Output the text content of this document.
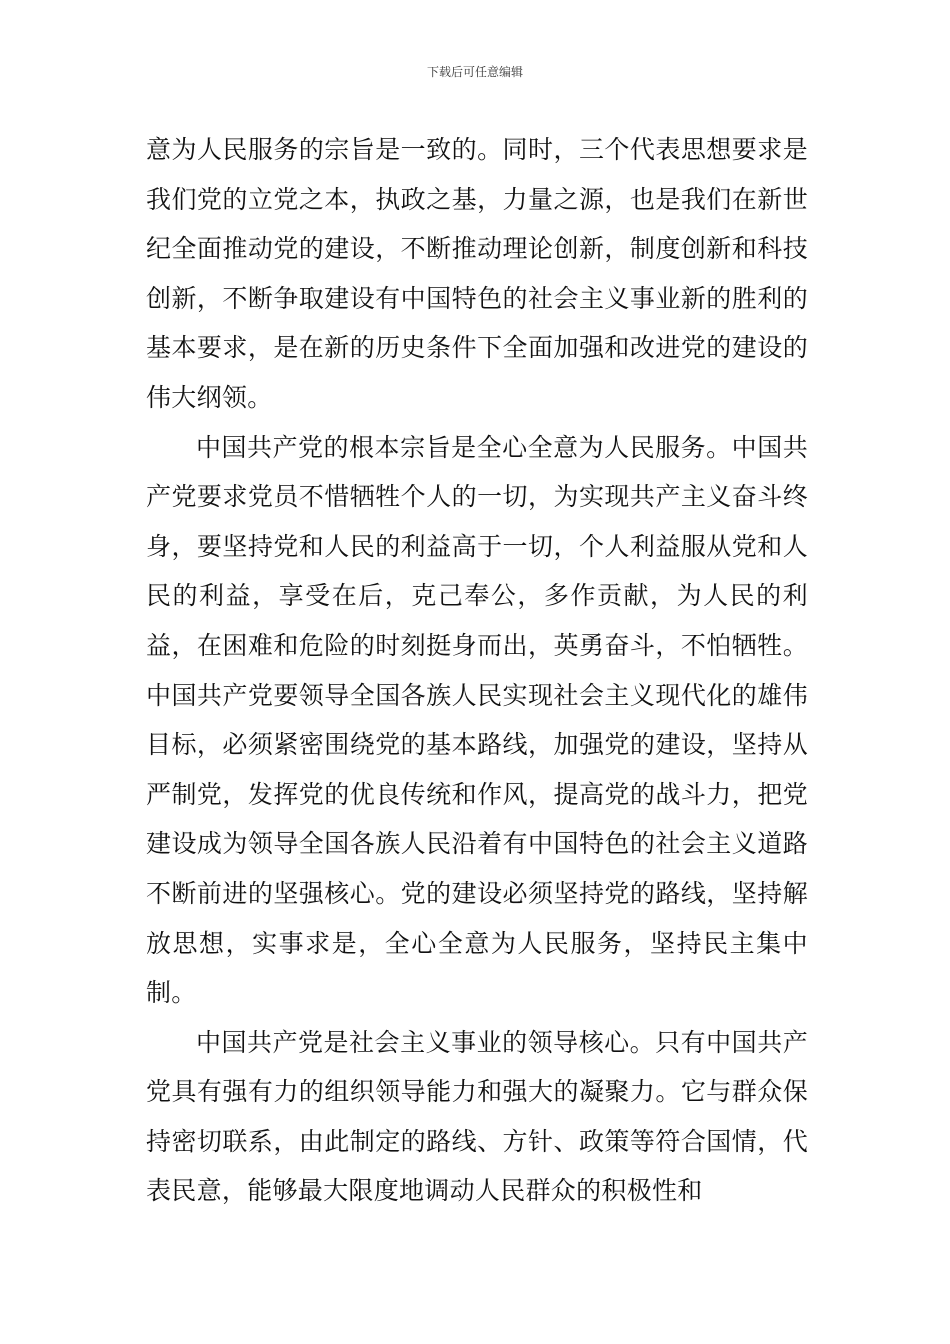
下载后可任意编辑

意为人民服务的宗旨是一致的。同时，三个代表思想要求是我们党的立党之本，执政之基，力量之源，也是我们在新世纪全面推动党的建设，不断推动理论创新，制度创新和科技创新，不断争取建设有中国特色的社会主义事业新的胜利的基本要求，是在新的历史条件下全面加强和改进党的建设的伟大纲领。

中国共产党的根本宗旨是全心全意为人民服务。中国共产党要求党员不惜牺牲个人的一切，为实现共产主义奋斗终身，要坚持党和人民的利益高于一切，个人利益服从党和人民的利益，享受在后，克己奉公，多作贡献，为人民的利益，在困难和危险的时刻挺身而出，英勇奋斗，不怕牺牲。中国共产党要领导全国各族人民实现社会主义现代化的雄伟目标，必须紧密围绕党的基本路线，加强党的建设，坚持从严制党，发挥党的优良传统和作风，提高党的战斗力，把党建设成为领导全国各族人民沿着有中国特色的社会主义道路不断前进的坚强核心。党的建设必须坚持党的路线，坚持解放思想，实事求是，全心全意为人民服务，坚持民主集中制。

中国共产党是社会主义事业的领导核心。只有中国共产党具有强有力的组织领导能力和强大的凝聚力。它与群众保持密切联系，由此制定的路线、方针、政策等符合国情，代表民意，能够最大限度地调动人民群众的积极性和
